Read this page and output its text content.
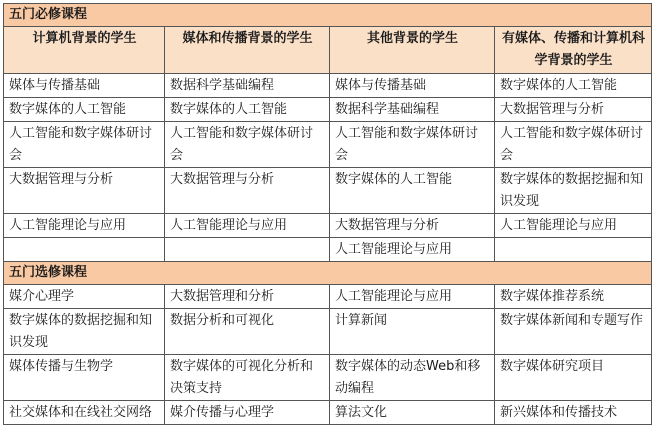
五门必修课程			
计算机背景的学生	媒体和传播背景的学生	其他背景的学生	有媒体、传播和计算机科学背景的学生
媒体与传播基础	数据科学基础编程	媒体与传播基础	数字媒体的人工智能
数字媒体的人工智能	数字媒体的人工智能	数据科学基础编程	大数据管理与分析
人工智能和数字媒体研讨会	人工智能和数字媒体研讨会	人工智能和数字媒体研讨会	人工智能和数字媒体研讨会
大数据管理与分析	大数据管理与分析	数字媒体的人工智能	数字媒体的数据挖掘和知识发现
人工智能理论与应用	人工智能理论与应用	大数据管理与分析	人工智能理论与应用
		人工智能理论与应用	
五门选修课程			
媒介心理学	大数据管理和分析	人工智能理论与应用	数字媒体推荐系统
数字媒体的数据挖掘和知识发现	数据分析和可视化	计算新闻	数字媒体新闻和专题写作
媒体传播与生物学	数字媒体的可视化分析和决策支持	数字媒体的动态Web和移动编程	数字媒体研究项目
社交媒体和在线社交网络	媒介传播与心理学	算法文化	新兴媒体和传播技术
